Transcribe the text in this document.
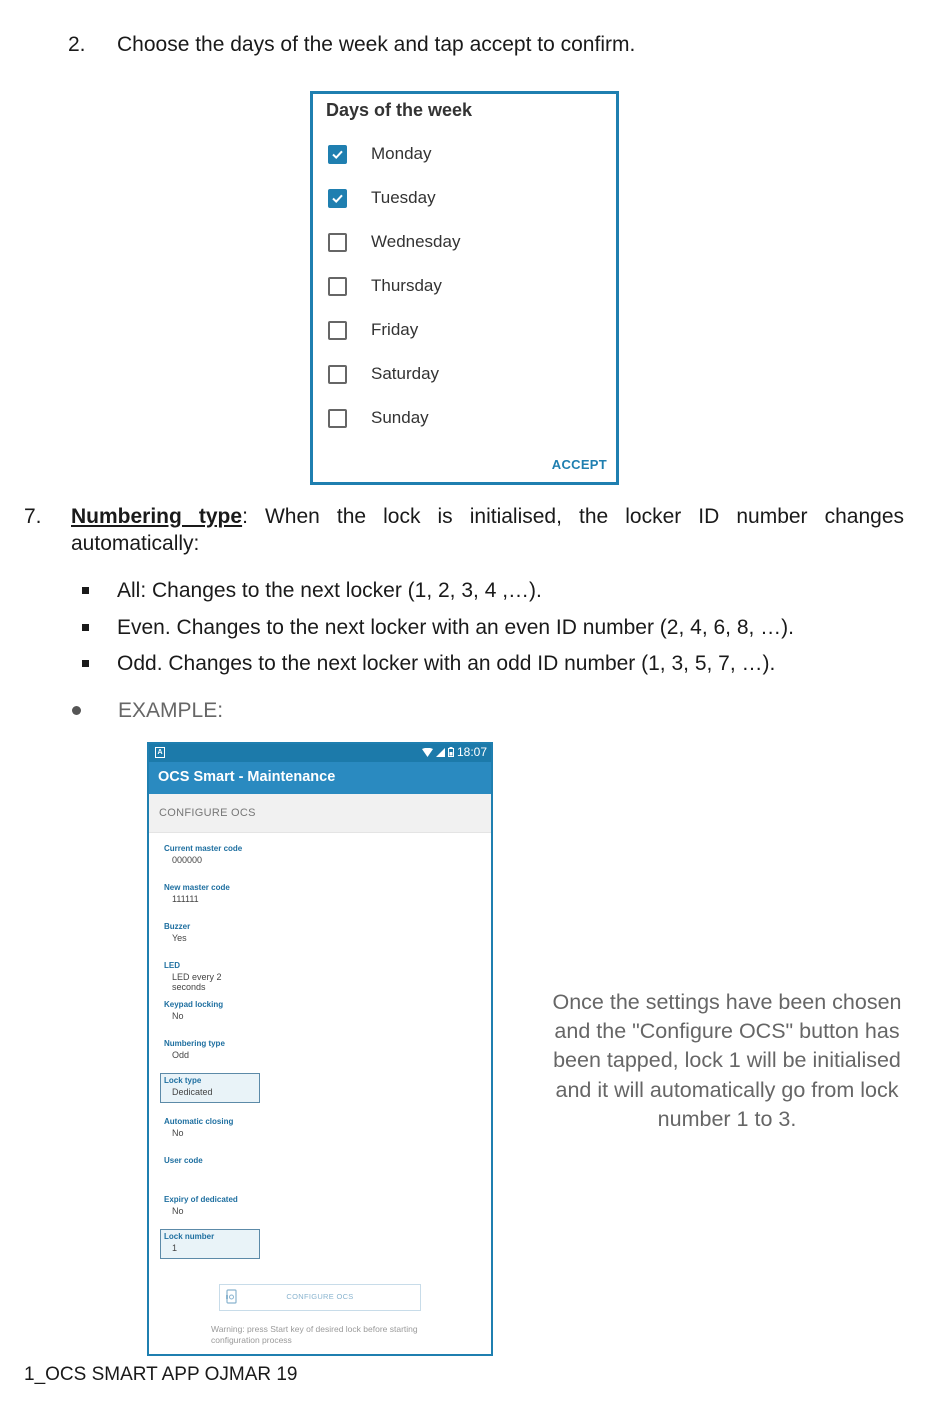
2. Choose the days of the week and tap accept to confirm.
Days of the week
Monday
Tuesday
Wednesday
Thursday
Friday
Saturday
Sunday
ACCEPT
7. Numbering type: When the lock is initialised, the locker ID number changes automatically:
All: Changes to the next locker (1, 2, 3, 4 ,…).
Even. Changes to the next locker with an even ID number (2, 4, 6, 8, …).
Odd. Changes to the next locker with an odd ID number (1, 3, 5, 7, …).
EXAMPLE:
A	18:07
OCS Smart - Maintenance
CONFIGURE OCS
Current master code
000000
New master code
111111
Buzzer
Yes
LED
LED every 2 seconds
Keypad locking
No
Numbering type
Odd
Lock type
Dedicated
Automatic closing
No
User code
Expiry of dedicated
No
Lock number
1
CONFIGURE OCS
Warning: press Start key of desired lock before starting configuration process
Once the settings have been chosen and the "Configure OCS" button has been tapped, lock 1 will be initialised and it will automatically go from lock number 1 to 3.
1_OCS SMART APP OJMAR 19
